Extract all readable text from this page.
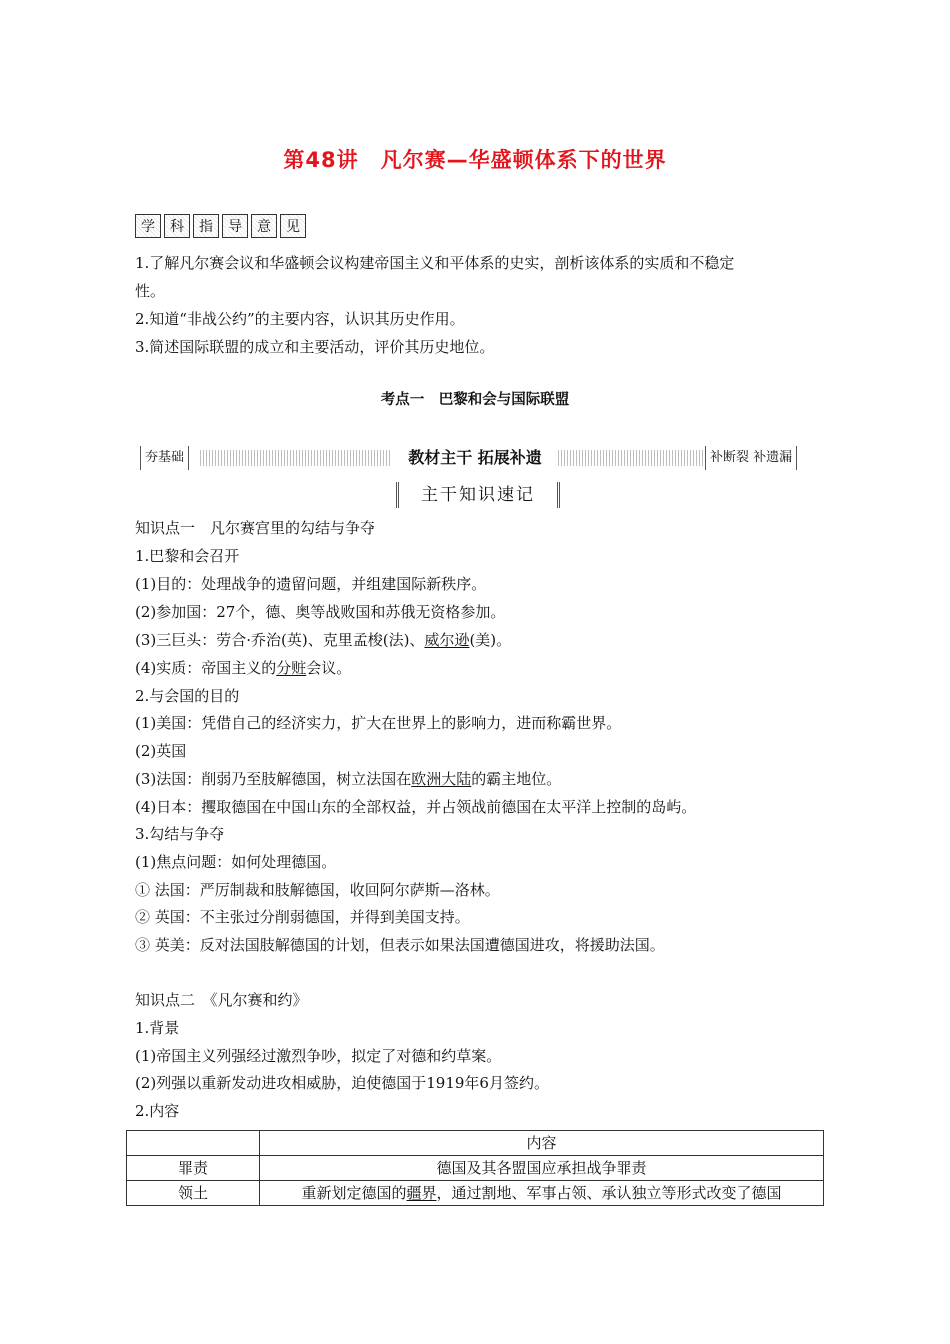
第48讲　凡尔赛—华盛顿体系下的世界
学	科	指	导	意	见
1.了解凡尔赛会议和华盛顿会议构建帝国主义和平体系的史实，剖析该体系的实质和不稳定
性。
2.知道“非战公约”的主要内容，认识其历史作用。
3.简述国际联盟的成立和主要活动，评价其历史地位。
考点一　巴黎和会与国际联盟
夯基础	教材主干 拓展补遗	补断裂 补遗漏
主干知识速记
知识点一　凡尔赛宫里的勾结与争夺
1.巴黎和会召开
(1)目的：处理战争的遗留问题，并组建国际新秩序。
(2)参加国：27个，德、奥等战败国和苏俄无资格参加。
(3)三巨头：劳合·乔治(英)、克里孟梭(法)、威尔逊(美)。
(4)实质：帝国主义的分赃会议。
2.与会国的目的
(1)美国：凭借自己的经济实力，扩大在世界上的影响力，进而称霸世界。
(2)英国
(3)法国：削弱乃至肢解德国，树立法国在欧洲大陆的霸主地位。
(4)日本：攫取德国在中国山东的全部权益，并占领战前德国在太平洋上控制的岛屿。
3.勾结与争夺
(1)焦点问题：如何处理德国。
① 法国：严厉制裁和肢解德国，收回阿尔萨斯—洛林。
② 英国：不主张过分削弱德国，并得到美国支持。
③ 英美：反对法国肢解德国的计划，但表示如果法国遭德国进攻，将援助法国。
知识点二　《凡尔赛和约》
1.背景
(1)帝国主义列强经过激烈争吵，拟定了对德和约草案。
(2)列强以重新发动进攻相威胁，迫使德国于1919年6月签约。
2.内容
	内容
罪责	德国及其各盟国应承担战争罪责
领土	重新划定德国的疆界，通过割地、军事占领、承认独立等形式改变了德国
